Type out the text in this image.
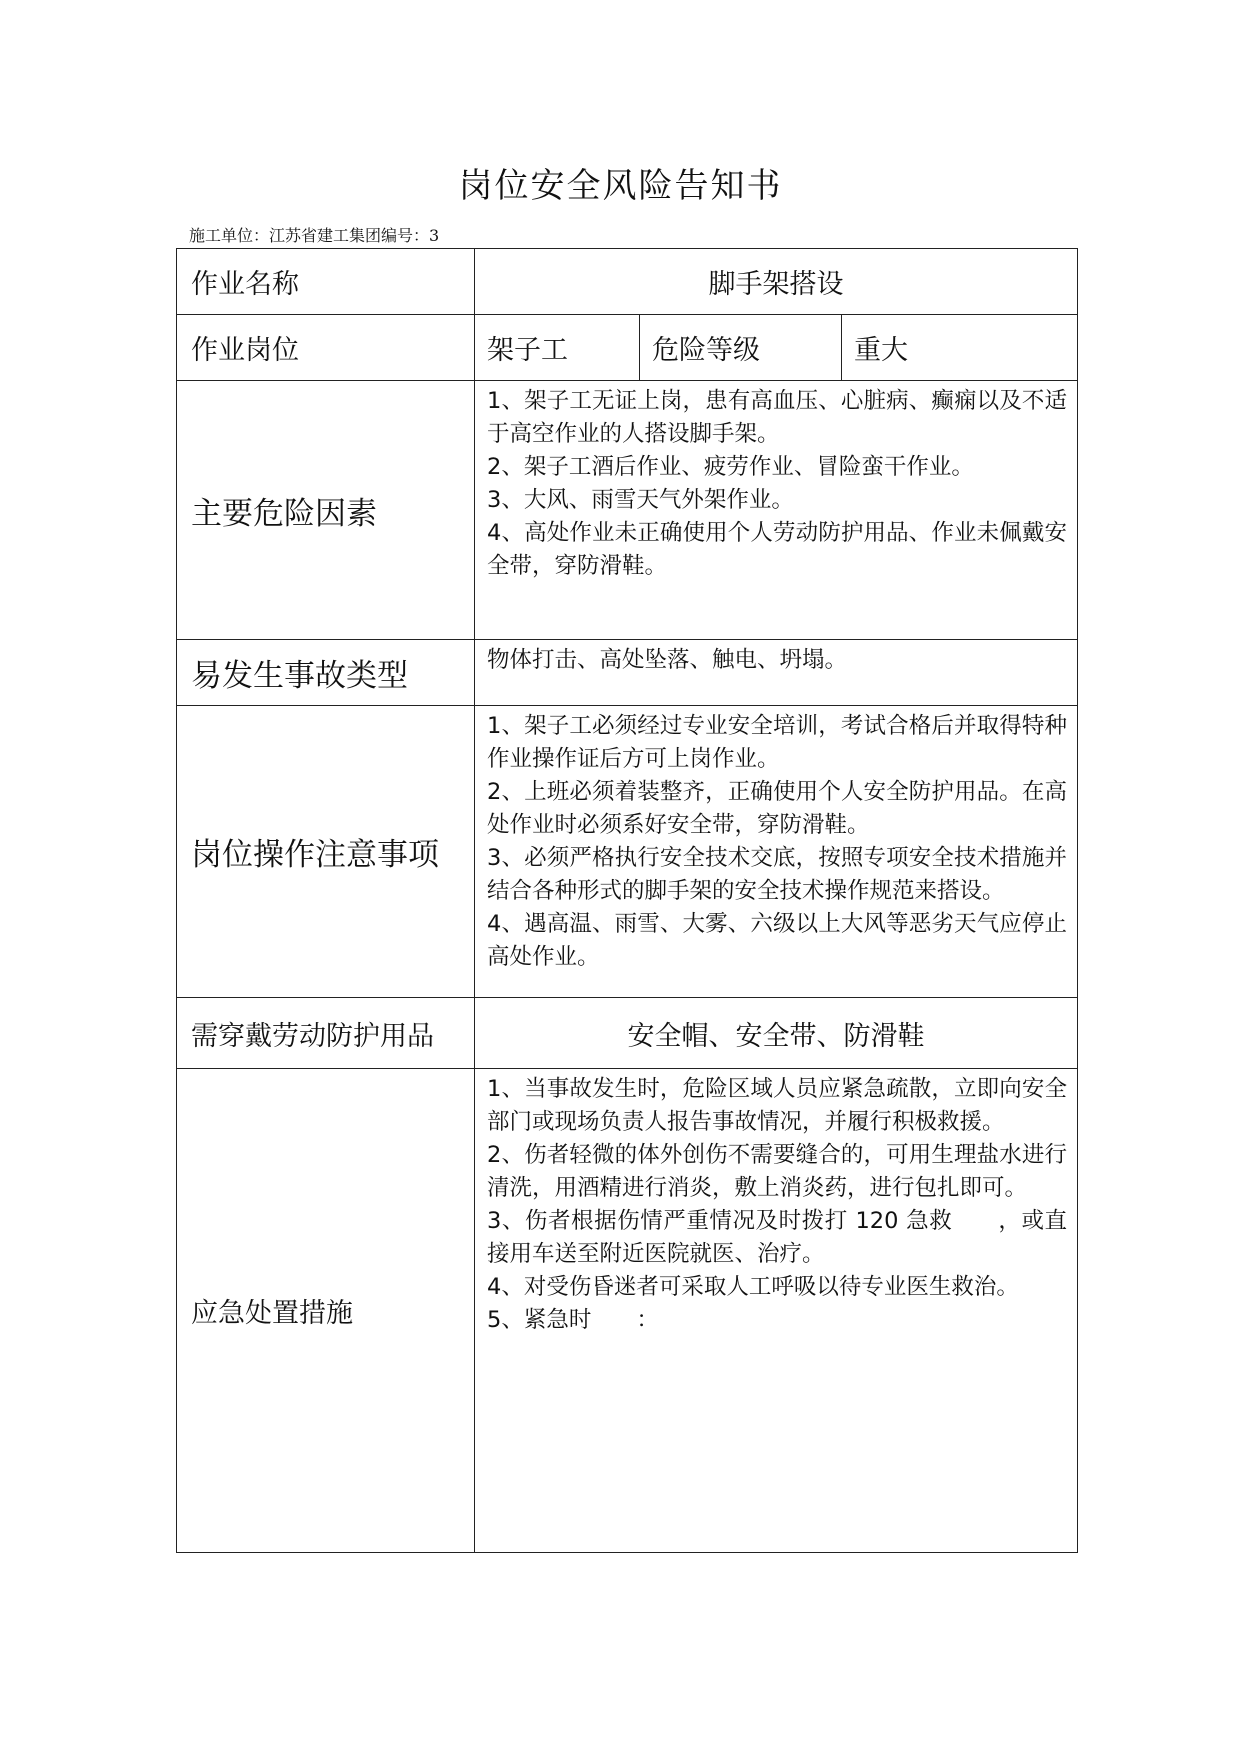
岗位安全风险告知书
施工单位：江苏省建工集团编号：3
作业名称	脚手架搭设		
作业岗位	架子工	危险等级	重大
主要危险因素	1、架子工无证上岗，患有高血压、心脏病、癫痫以及不适于高空作业的人搭设脚手架。

2、架子工酒后作业、疲劳作业、冒险蛮干作业。

3、大风、雨雪天气外架作业。

4、高处作业未正确使用个人劳动防护用品、作业未佩戴安全带，穿防滑鞋。		

易发生事故类型	物体打击、高处坠落、触电、坍塌。		

岗位操作注意事项	1、架子工必须经过专业安全培训，考试合格后并取得特种作业操作证后方可上岗作业。

2、上班必须着装整齐，正确使用个人安全防护用品。在高处作业时必须系好安全带，穿防滑鞋。

3、必须严格执行安全技术交底，按照专项安全技术措施并结合各种形式的脚手架的安全技术操作规范来搭设。

4、遇高温、雨雪、大雾、六级以上大风等恶劣天气应停止高处作业。		

需穿戴劳动防护用品	安全帽、安全带、防滑鞋		
应急处置措施	1、当事故发生时，危险区域人员应紧急疏散，立即向安全部门或现场负责人报告事故情况，并履行积极救援。

2、伤者轻微的体外创伤不需要缝合的，可用生理盐水进行清洗，用酒精进行消炎，敷上消炎药，进行包扎即可。

3、伤者根据伤情严重情况及时拨打 120 急救　　，或直接用车送至附近医院就医、治疗。

4、对受伤昏迷者可采取人工呼吸以待专业医生救治。

5、紧急时　　：		
